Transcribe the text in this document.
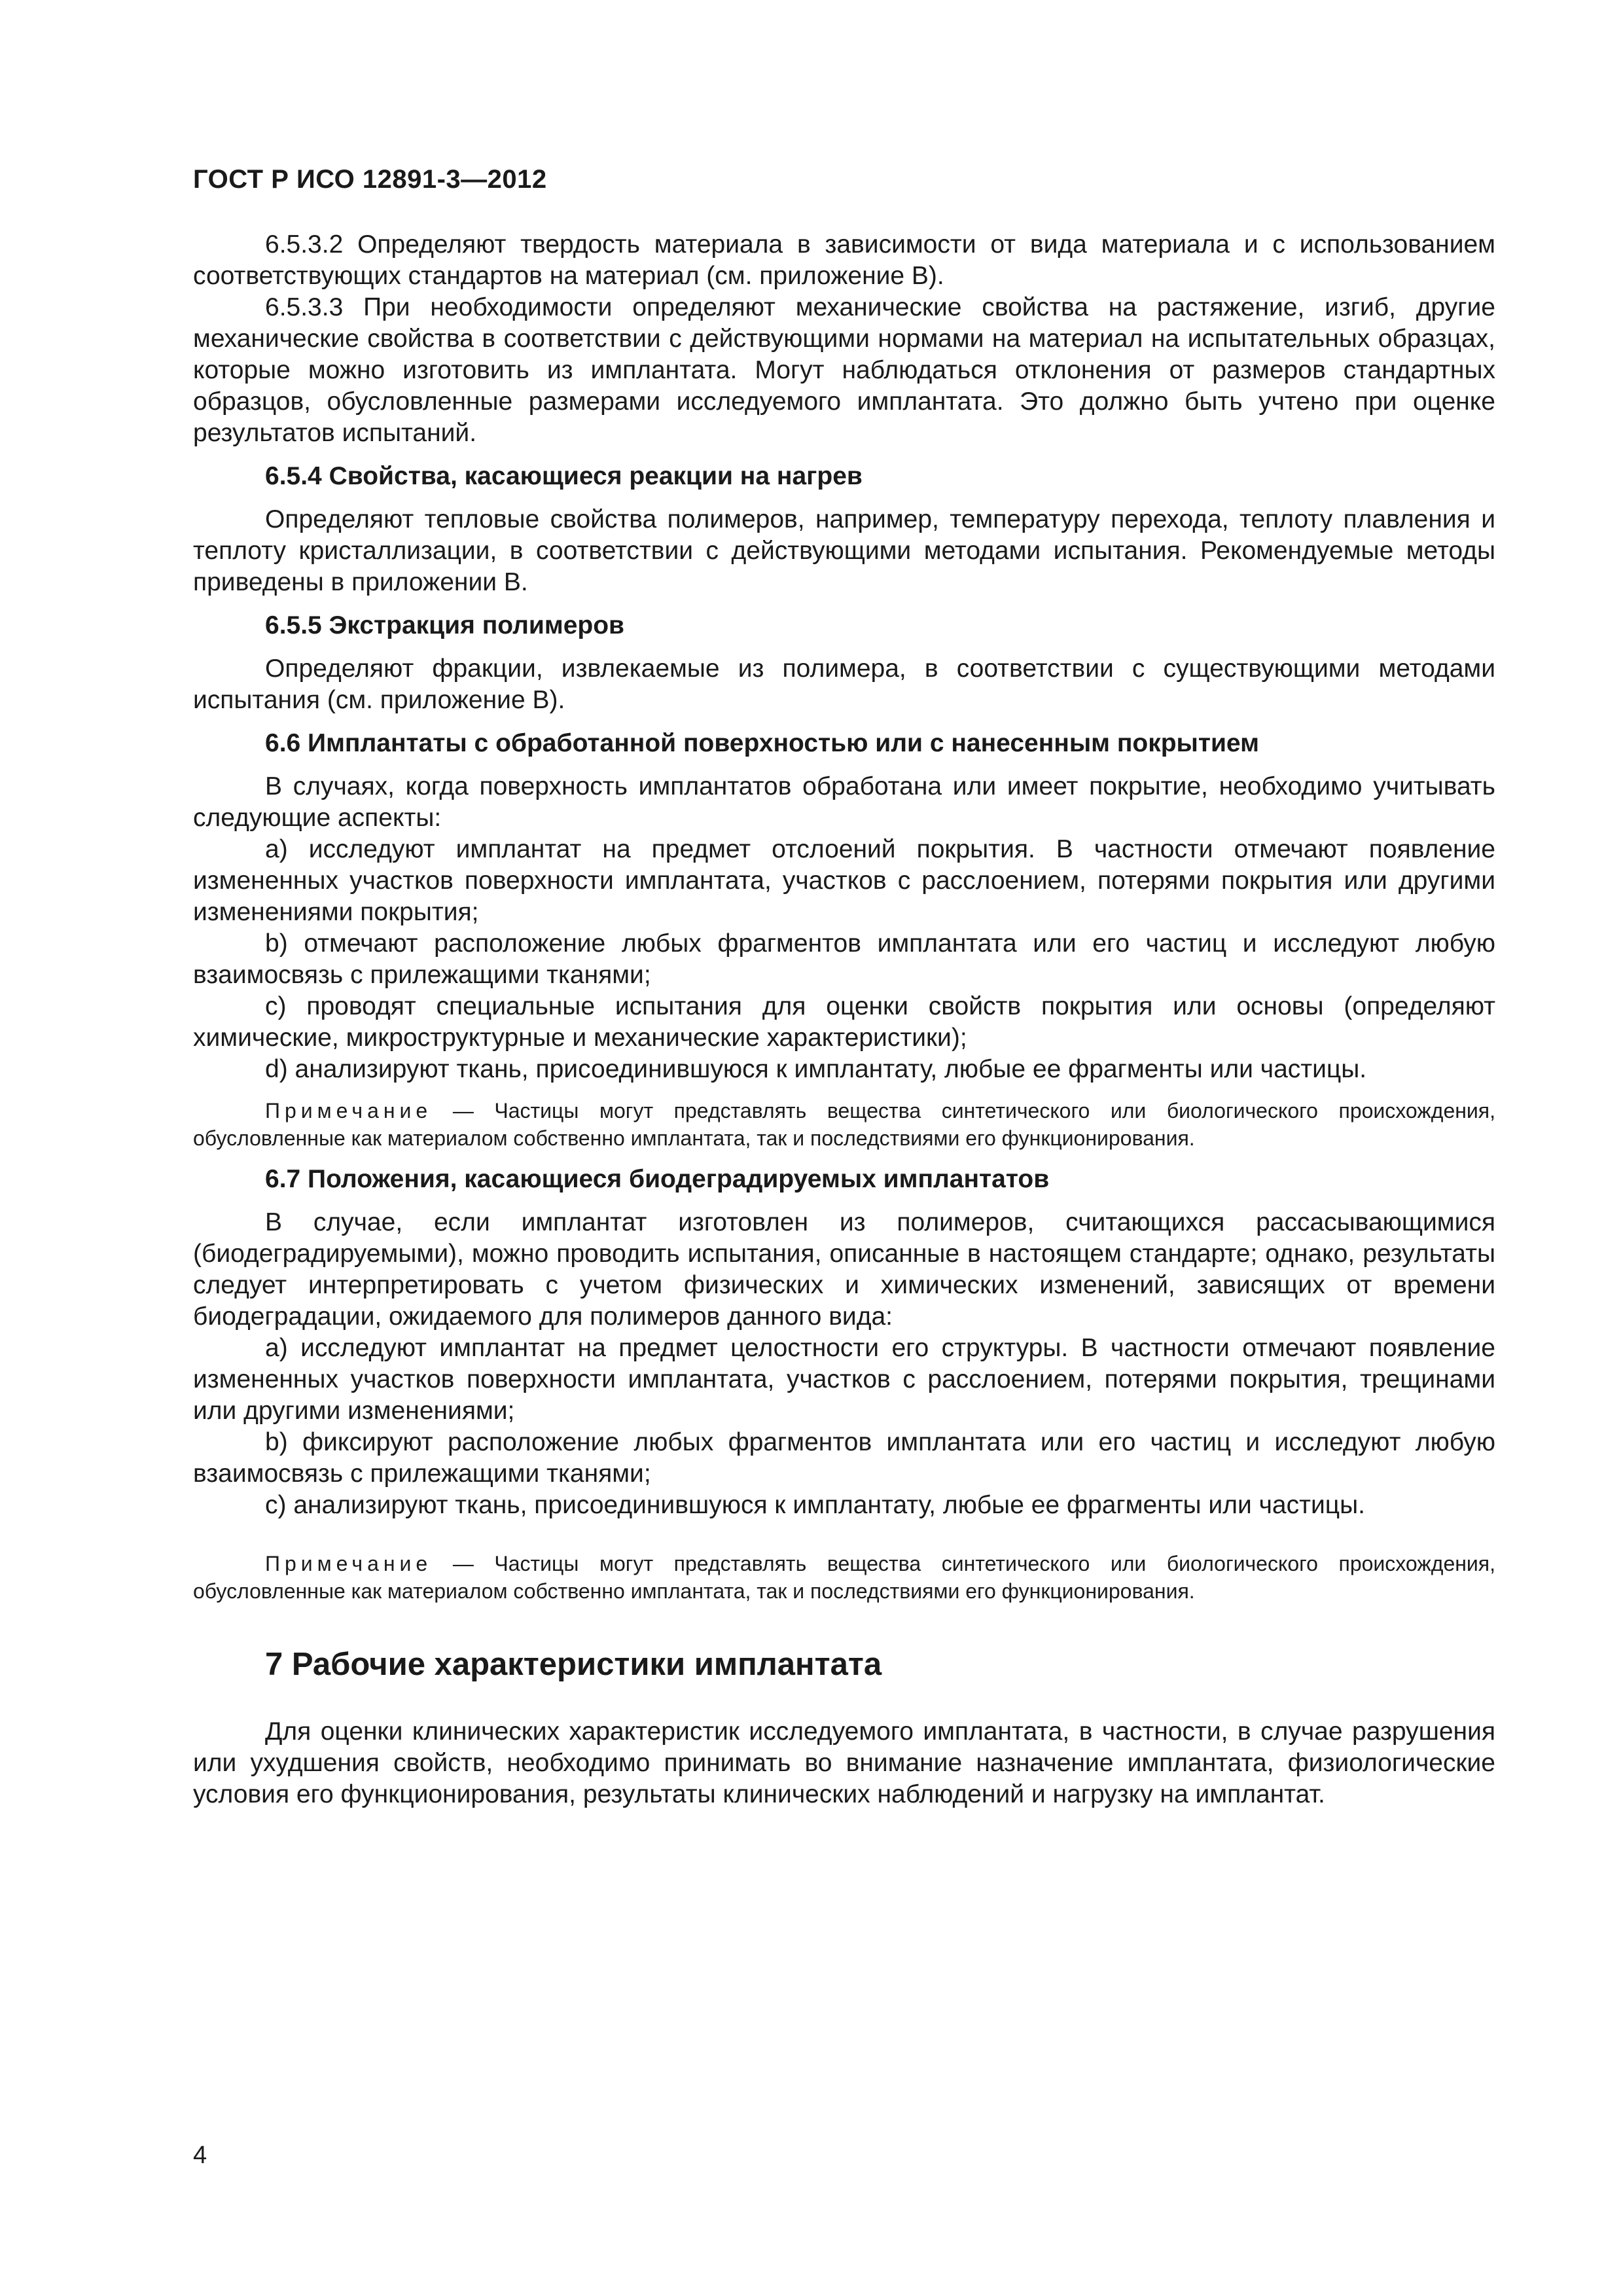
ГОСТ Р ИСО 12891-3—2012

6.5.3.2 Определяют твердость материала в зависимости от вида материала и с использованием соответствующих стандартов на материал (см. приложение В).

6.5.3.3 При необходимости определяют механические свойства на растяжение, изгиб, другие механические свойства в соответствии с действующими нормами на материал на испытательных образцах, которые можно изготовить из имплантата. Могут наблюдаться отклонения от размеров стандартных образцов, обусловленные размерами исследуемого имплантата. Это должно быть учтено при оценке результатов испытаний.

6.5.4 Свойства, касающиеся реакции на нагрев

Определяют тепловые свойства полимеров, например, температуру перехода, теплоту плавления и теплоту кристаллизации, в соответствии с действующими методами испытания. Рекомендуемые методы приведены в приложении В.

6.5.5 Экстракция полимеров

Определяют фракции, извлекаемые из полимера, в соответствии с существующими методами испытания (см. приложение В).

6.6 Имплантаты с обработанной поверхностью или с нанесенным покрытием

В случаях, когда поверхность имплантатов обработана или имеет покрытие, необходимо учитывать следующие аспекты:

a) исследуют имплантат на предмет отслоений покрытия. В частности отмечают появление измененных участков поверхности имплантата, участков с расслоением, потерями покрытия или другими изменениями покрытия;

b) отмечают расположение любых фрагментов имплантата или его частиц и исследуют любую взаимосвязь с прилежащими тканями;

c) проводят специальные испытания для оценки свойств покрытия или основы (определяют химические, микроструктурные и механические характеристики);

d) анализируют ткань, присоединившуюся к имплантату, любые ее фрагменты или частицы.

Примечание — Частицы могут представлять вещества синтетического или биологического происхождения, обусловленные как материалом собственно имплантата, так и последствиями его функционирования.
6.7 Положения, касающиеся биодеградируемых имплантатов

В случае, если имплантат изготовлен из полимеров, считающихся рассасывающимися (биодеградируемыми), можно проводить испытания, описанные в настоящем стандарте; однако, результаты следует интерпретировать с учетом физических и химических изменений, зависящих от времени биодеградации, ожидаемого для полимеров данного вида:

a) исследуют имплантат на предмет целостности его структуры. В частности отмечают появление измененных участков поверхности имплантата, участков с расслоением, потерями покрытия, трещинами или другими изменениями;

b) фиксируют расположение любых фрагментов имплантата или его частиц и исследуют любую взаимосвязь с прилежащими тканями;

c) анализируют ткань, присоединившуюся к имплантату, любые ее фрагменты или частицы.

Примечание — Частицы могут представлять вещества синтетического или биологического происхождения, обусловленные как материалом собственно имплантата, так и последствиями его функционирования.
7 Рабочие характеристики имплантата

Для оценки клинических характеристик исследуемого имплантата, в частности, в случае разрушения или ухудшения свойств, необходимо принимать во внимание назначение имплантата, физиологические условия его функционирования, результаты клинических наблюдений и нагрузку на имплантат.

4
